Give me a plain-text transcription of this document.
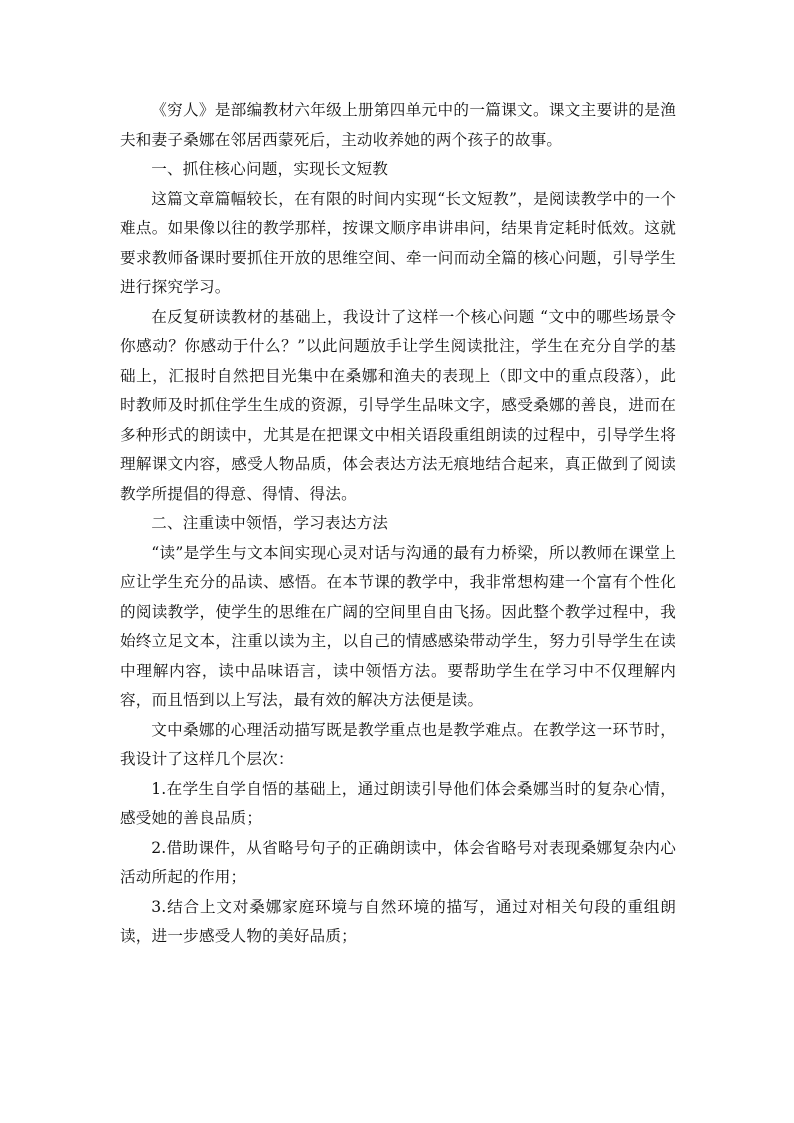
《穷人》是部编教材六年级上册第四单元中的一篇课文。课文主要讲的是渔夫和妻子桑娜在邻居西蒙死后，主动收养她的两个孩子的故事。

一、抓住核心问题，实现长文短教

这篇文章篇幅较长，在有限的时间内实现“长文短教”，是阅读教学中的一个难点。如果像以往的教学那样，按课文顺序串讲串问，结果肯定耗时低效。这就要求教师备课时要抓住开放的思维空间、牵一问而动全篇的核心问题，引导学生进行探究学习。

在反复研读教材的基础上，我设计了这样一个核心问题 “文中的哪些场景令你感动？你感动于什么？”以此问题放手让学生阅读批注，学生在充分自学的基础上，汇报时自然把目光集中在桑娜和渔夫的表现上（即文中的重点段落），此时教师及时抓住学生生成的资源，引导学生品味文字，感受桑娜的善良，进而在多种形式的朗读中，尤其是在把课文中相关语段重组朗读的过程中，引导学生将理解课文内容，感受人物品质，体会表达方法无痕地结合起来，真正做到了阅读教学所提倡的得意、得情、得法。

二、注重读中领悟，学习表达方法

“读”是学生与文本间实现心灵对话与沟通的最有力桥梁，所以教师在课堂上应让学生充分的品读、感悟。在本节课的教学中，我非常想构建一个富有个性化的阅读教学，使学生的思维在广阔的空间里自由飞扬。因此整个教学过程中，我始终立足文本，注重以读为主，以自己的情感感染带动学生，努力引导学生在读中理解内容，读中品味语言，读中领悟方法。要帮助学生在学习中不仅理解内容，而且悟到以上写法，最有效的解决方法便是读。

文中桑娜的心理活动描写既是教学重点也是教学难点。在教学这一环节时，我设计了这样几个层次：

1.在学生自学自悟的基础上，通过朗读引导他们体会桑娜当时的复杂心情，感受她的善良品质；

2.借助课件，从省略号句子的正确朗读中，体会省略号对表现桑娜复杂内心活动所起的作用；

3.结合上文对桑娜家庭环境与自然环境的描写，通过对相关句段的重组朗读，进一步感受人物的美好品质；
